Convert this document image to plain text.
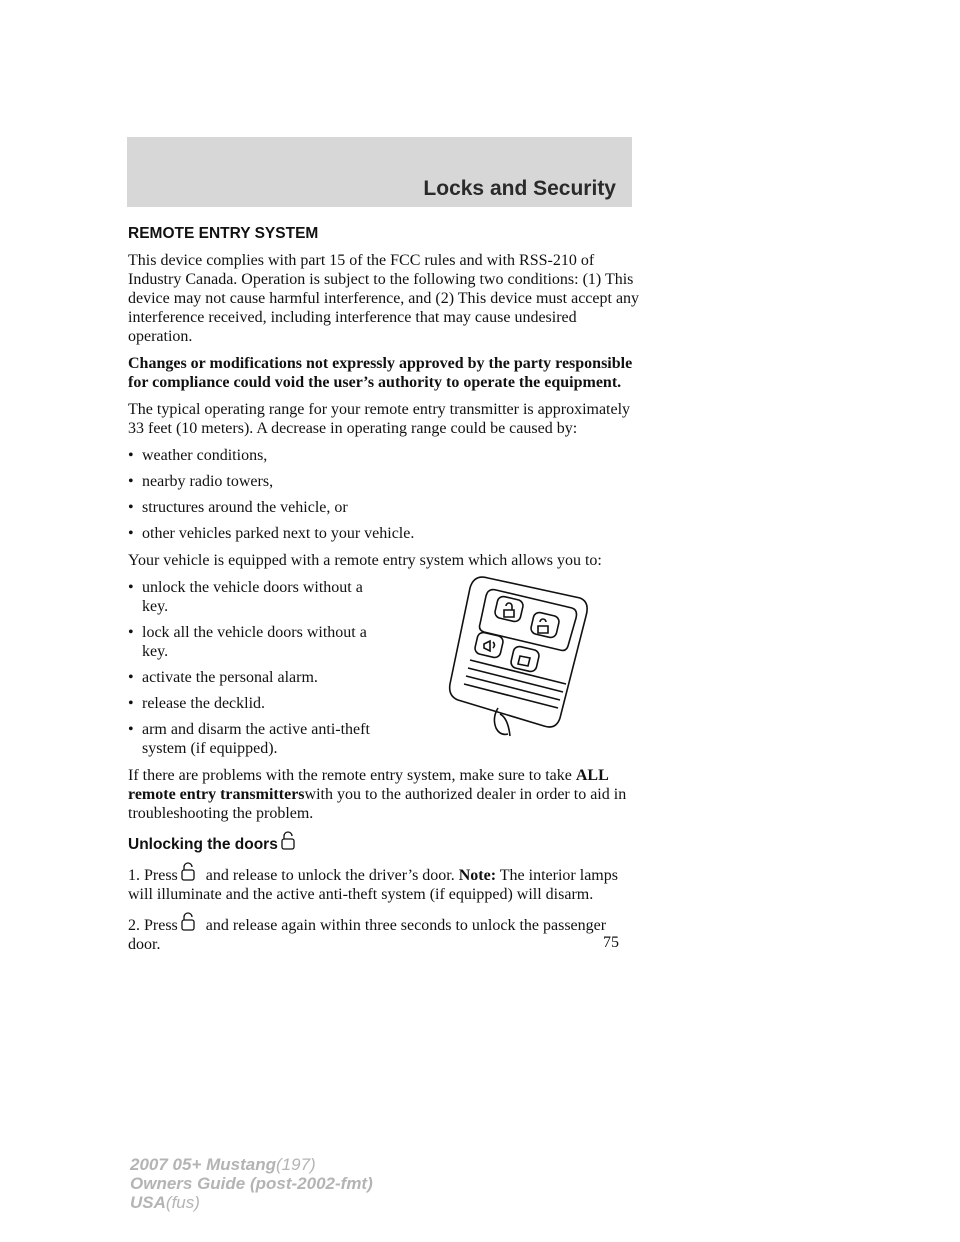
Locks and Security

REMOTE ENTRY SYSTEM

This device complies with part 15 of the FCC rules and with RSS-210 of Industry Canada. Operation is subject to the following two conditions: (1) This device may not cause harmful interference, and (2) This device must accept any interference received, including interference that may cause undesired operation.

Changes or modifications not expressly approved by the party responsible for compliance could void the user’s authority to operate the equipment.

The typical operating range for your remote entry transmitter is approximately 33 feet (10 meters). A decrease in operating range could be caused by:

• weather conditions,
• nearby radio towers,
• structures around the vehicle, or
• other vehicles parked next to your vehicle.

Your vehicle is equipped with a remote entry system which allows you to:

• unlock the vehicle doors without a key.
• lock all the vehicle doors without a key.
• activate the personal alarm.
• release the decklid.
• arm and disarm the active anti-theft system (if equipped).

If there are problems with the remote entry system, make sure to take ALL remote entry transmitterswith you to the authorized dealer in order to aid in troubleshooting the problem.

Unlocking the doors

1. Press and release to unlock the driver’s door. Note: The interior lamps will illuminate and the active anti-theft system (if equipped) will disarm.

2. Press and release again within three seconds to unlock the passenger door.	75
2007 05+ Mustang(197)
Owners Guide (post-2002-fmt)
USA(fus)
